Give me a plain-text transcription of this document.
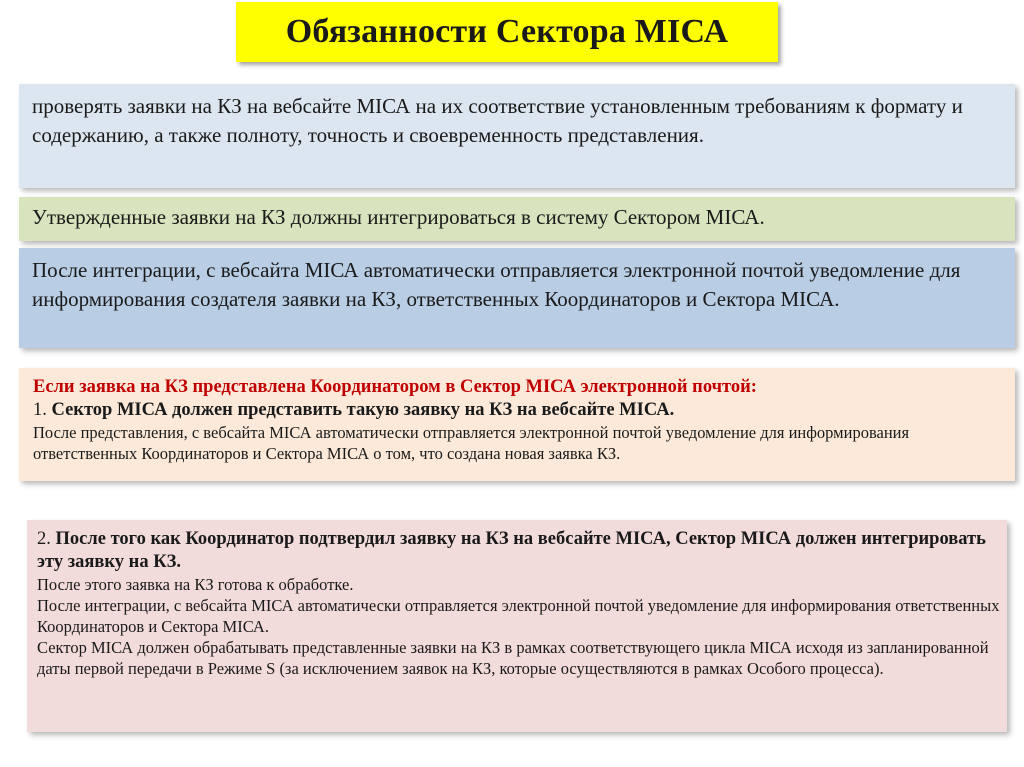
Обязанности Сектора МІСА

проверять заявки на КЗ на вебсайте МІСА на их соответствие установленным требованиям к формату и содержанию, а также полноту, точность и своевременность представления.

Утвержденные заявки на КЗ должны интегрироваться в систему Сектором МІСА.

После интеграции, с вебсайта МІСА автоматически отправляется электронной почтой уведомление для информирования создателя заявки на КЗ, ответственных Координаторов и Сектора МІСА.

Если заявка на КЗ представлена Координатором в Сектор МІСА электронной почтой:

1. Сектор МІСА должен представить такую заявку на КЗ на вебсайте МІСА.

После представления, с вебсайта МІСА автоматически отправляется электронной почтой уведомление для информирования ответственных Координаторов и Сектора МІСА о том, что создана новая заявка КЗ.

2. После того как Координатор подтвердил заявку на КЗ на вебсайте МІСА, Сектор МІСА должен интегрировать эту заявку на КЗ.

После этого заявка на КЗ готова к обработке.

После интеграции, с вебсайта МІСА автоматически отправляется электронной почтой уведомление для информирования ответственных Координаторов и Сектора МІСА.

Сектор МІСА должен обрабатывать представленные заявки на КЗ в рамках соответствующего цикла МІСА исходя из запланированной даты первой передачи в Режиме S (за исключением заявок на КЗ, которые осуществляются в рамках Особого процесса).
